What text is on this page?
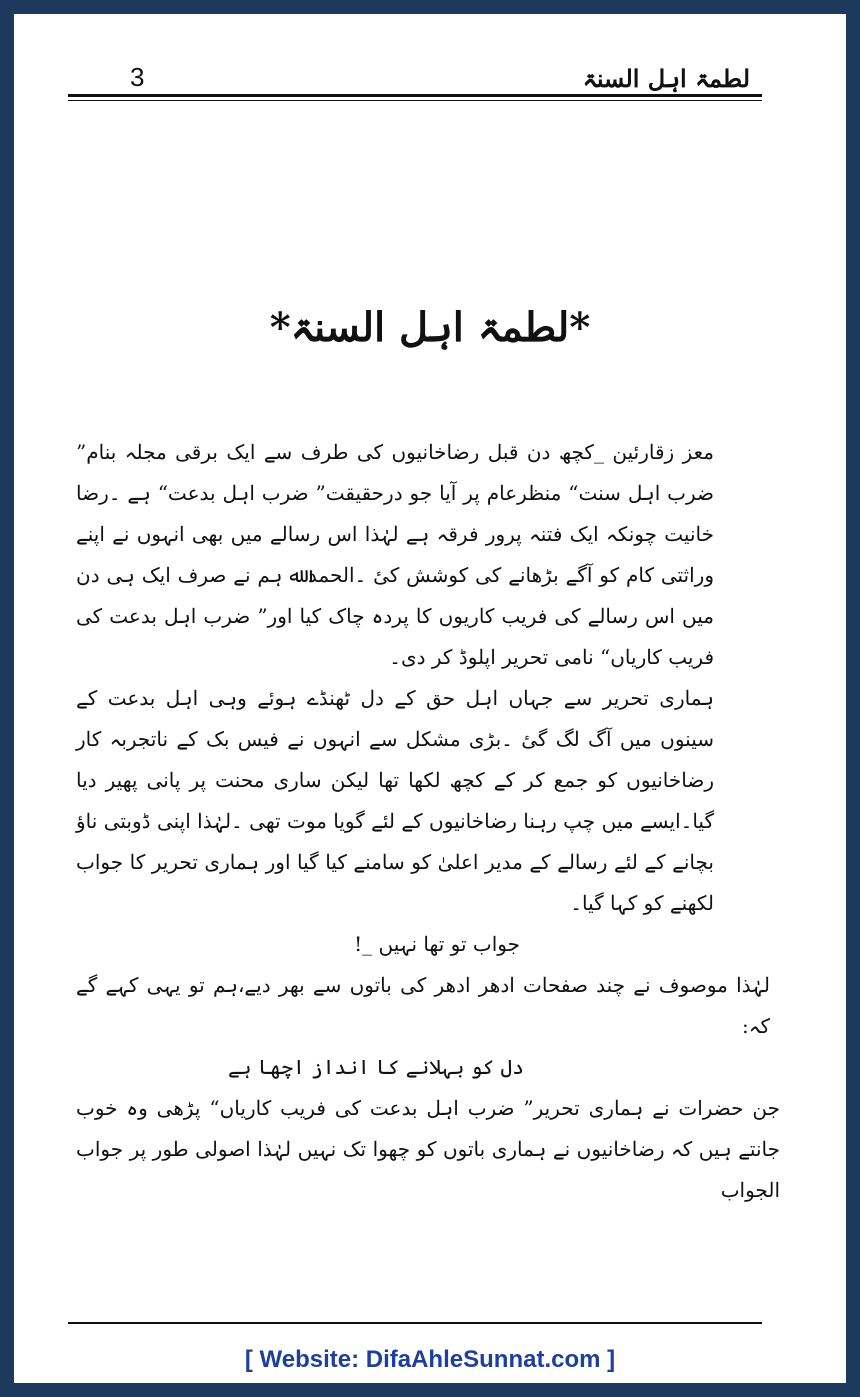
لطمۃ اہل السنۃ
3
*لطمۃ اہل السنۃ*

معز زقارئین _کچھ دن قبل رضاخانیوں کی طرف سے ایک برقی مجلہ بنام” ضرب اہل سنت“ منظرعام پر آیا جو درحقیقت” ضرب اہل بدعت“ ہے ۔رضا خانیت چونکہ ایک فتنہ پرور فرقہ ہے لہٰذا اس رسالے میں بھی انہوں نے اپنے وراثتی کام کو آگے بڑھانے کی کوشش کیٔ ۔الحمد ﷲ ہم نے صرف ایک ہی دن میں اس رسالے کی فریب کاریوں کا پردہ چاک کیا اور” ضرب اہل بدعت کی فریب کاریاں“ نامی تحریر اپلوڈ کر دی۔

ہماری تحریر سے جہاں اہل حق کے دل ٹھنڈے ہوئے وہی اہل بدعت کے سینوں میں آگ لگ گیٔ ۔بڑی مشکل سے انہوں نے فیس بک کے ناتجربہ کار رضاخانیوں کو جمع کر کے کچھ لکھا تھا لیکن ساری محنت پر پانی پھیر دیا گیا۔ایسے میں چپ رہنا رضاخانیوں کے لئے گویا موت تھی ۔لہٰذا اپنی ڈوبتی ناؤ بچانے کے لئے رسالے کے مدیر اعلیٰ کو سامنے کیا گیا اور ہماری تحریر کا جواب لکھنے کو کہا گیا۔

جواب تو تھا نہیں _!

لہٰذا موصوف نے چند صفحات ادھر ادھر کی باتوں سے بھر دیے،ہم تو یہی کہے گے کہ:

دل کو بہلانے کا انداز اچھا ہے

جن حضرات نے ہماری تحریر” ضرب اہل بدعت کی فریب کاریاں“ پڑھی وہ خوب جانتے ہیں کہ رضاخانیوں نے ہماری باتوں کو چھوا تک نہیں لہٰذا اصولی طور پر جواب الجواب

[ Website: DifaAhleSunnat.com ]
